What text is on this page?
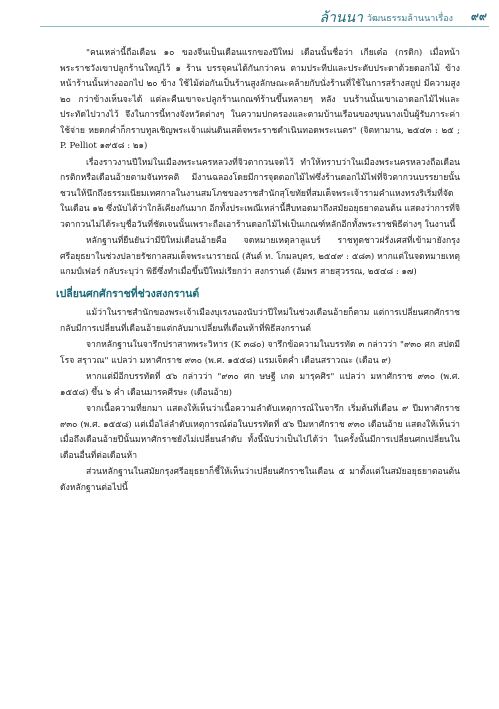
ล้านนา วัฒนธรรมล้านนาเรื่อง ๙๙

"คนเหล่านี้ถือเดือน ๑๐ ของจีนเป็นเดือนแรกของปีใหม่ เดือนนั้นชื่อว่า เกียเต๋อ (กรติก) เมื่อหน้าพระราชวังเขาปลูกร้านใหญ่ไว้ ๑ ร้าน บรรจุคนได้กันกว่าคน ตามประทีปและประดับประดาด้วยดอกไม้ ข้างหน้าร้านนั้นห่างออกไป ๒๐ ข้าง ใช้ไม้ต่อกันเป็นร้านสูงลักษณะคล้ายกับนั่งร้านที่ใช้ในการสร้างสถูป มีความสูง ๒๐ กว่าข้างเห็นจะได้ แต่ละคืนเขาจะปลูกร้านเกณฑ์ร้านขึ้นหลายๆ หลัง บนร้านนั้นเขาเอาดอกไม้ไฟและประทัดไปวางไว้ จึงในการนี้ทางจังหวัดต่างๆ ในความปกครองและตามบ้านเรือนของขุนนางเป็นผู้รับภาระค่าใช้จ่าย หยดกค่ำก็กราบทูลเชิญพระเจ้าแผ่นดินเสด็จพระราชดำเนินทอดพระเนตร" (จิตทามาน, ๒๕๔๓ : ๒๕ ; P. Pelliot ๑๙๕๘ : ๒๑)

เรื่องราวงานปีใหม่ในเมืองพระนครหลวงที่จิวตากวนจดไว้ ทำให้ทราบว่าในเมืองพระนครหลวงถือเดือนกรติกหรือเดือนอ้ายตามจันทรคติ มีงานฉลองโดยมีการจุดดอกไม้ไฟซึ่งร้านดอกไม้ไฟที่จิวตากวนบรรยายนั้น ชวนให้นึกถึงธรรมเนียมเทศกาลในงานสมโภชของราชสำนักสุโขทัยที่สมเด็จพระเจ้ารามคำแหงทรงริเริ่มที่จัดในเดือน ๑๒ ซึ่งนับได้ว่าใกล้เคียงกันมาก อีกทั้งประเพณีเหล่านี้สืบทอดมาถึงสมัยอยุธยาตอนต้น แสดงว่าการที่จิวตากวนไม่ได้ระบุชื่อวันที่ชัดเจนนั้นเพราะถือเอาร้านดอกไม้ไฟเป็นเกณฑ์หลักอีกทั้งพระราชพิธีต่างๆ ในงานนี้

หลักฐานที่ยืนยันว่ามีปีใหม่เดือนอ้ายคือ จดหมายเหตุลาลูแบร์ ราชทูตชาวฝรั่งเศสที่เข้ามายังกรุงศรีอยุธยาในช่วงปลายรัชกาลสมเด็จพระนารายณ์ (สันต์ ท. โกมลบุตร, ๒๕๔๙ : ๕๘๓) หากแต่ในจดหมายเหตุแกมป์เฟอร์ กลับระบุว่า พิธีซึ่งทำเมื่อขึ้นปีใหม่เรียกว่า สงกรานต์ (อัมพร สายสุวรรณ, ๒๕๔๘ : ๑๗)

เปลี่ยนศกศักราชที่ช่วงสงกรานต์

แม้ว่าในราชสำนักของพระเจ้าเมืองบุเรงนองนับว่าปีใหม่ในช่วงเดือนอ้ายก็ตาม แต่การเปลี่ยนศกศักราชกลับมีการเปลี่ยนที่เดือนอ้ายแต่กลับมาเปลี่ยนที่เดือนห้าที่พิธีสงกรานต์

จากหลักฐานในจารึกปราสาทพระวิหาร (K ๓๘๐) จารึกข้อความในบรรทัด ๓ กล่าวว่า "๙๓๐ ศก สปดมี โรจ สรฺาวณ" แปลว่า มหาศักราช ๙๓๐ (พ.ศ. ๑๕๕๘) แรมเจ็ดค่ำ เดือนสราวณะ (เดือน ๙)

หากแต่มีอีกบรรทัดที่ ๕๖ กล่าวว่า "๙๓๐ ศก ษษฐี เกต มารฺคศิร" แปลว่า มหาศักราช ๙๓๐ (พ.ศ. ๑๕๕๘) ขึ้น ๖ ค่ำ เดือนมารคศีรษะ (เดือนอ้าย)

จากเนื้อความที่ยกมา แสดงให้เห็นว่าเนื้อความลำดับเหตุการณ์ในจารึก เริ่มต้นที่เดือน ๙ ปีมหาศักราช ๙๓๐ (พ.ศ. ๑๕๕๘) แต่เมื่อไล่ลำดับเหตุการณ์ต่อในบรรทัดที่ ๕๖ ปีมหาศักราช ๙๓๐ เดือนอ้าย แสดงให้เห็นว่า เมื่อถึงเดือนอ้ายปีนั้นมหาศักราชยังไม่เปลี่ยนลำดับ ทั้งนี้นับว่าเป็นไปได้ว่า ในครั้งนั้นมีการเปลี่ยนศกเปลี่ยนในเดือนอื่นที่ต่อเดือนห้า

ส่วนหลักฐานในสมัยกรุงศรีอยุธยาก็ชี้ให้เห็นว่าเปลี่ยนศักราชในเดือน ๕ มาตั้งแต่ในสมัยอยุธยาตอนต้น ดังหลักฐานต่อไปนี้
